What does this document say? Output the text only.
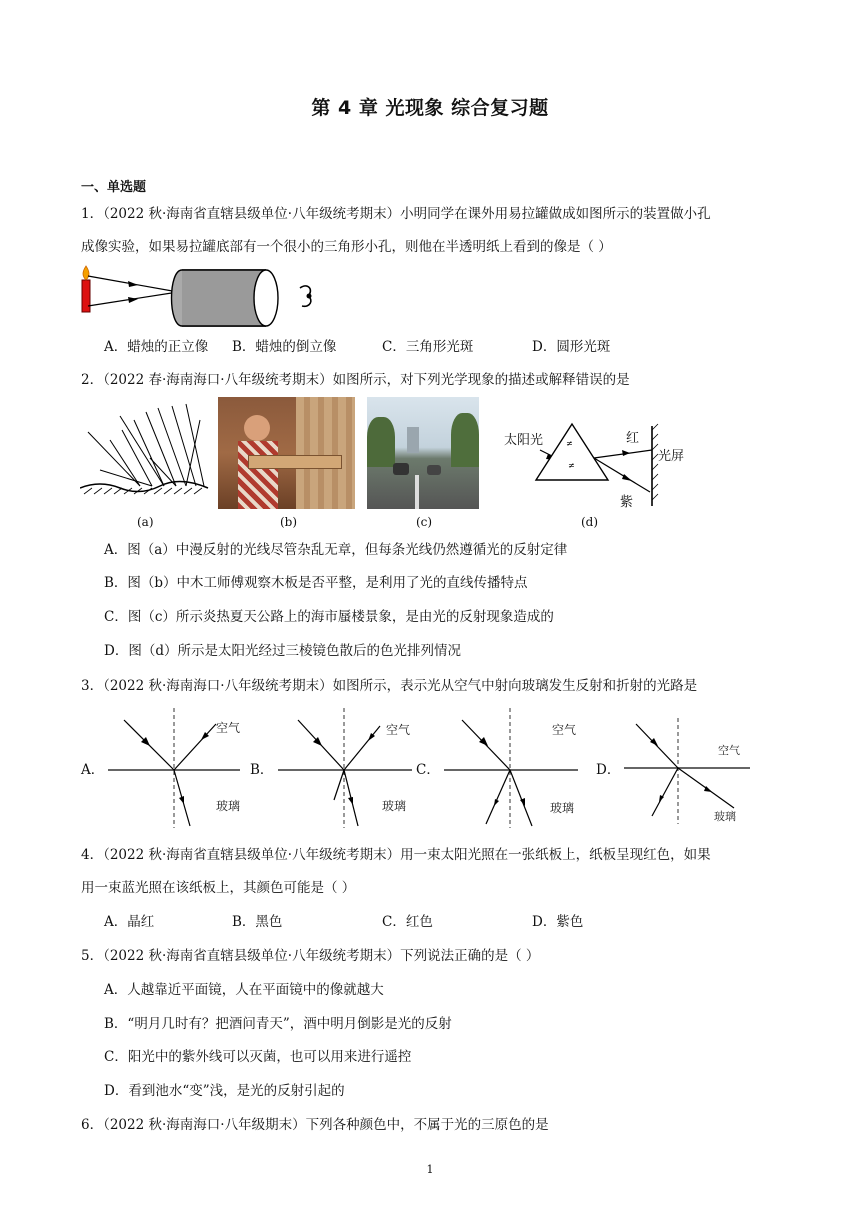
第 4 章 光现象 综合复习题
一、单选题
1．（2022 秋·海南省直辖县级单位·八年级统考期末）小明同学在课外用易拉罐做成如图所示的装置做小孔
成像实验，如果易拉罐底部有一个很小的三角形小孔，则他在半透明纸上看到的像是（ ）
A．蜡烛的正立像 B．蜡烛的倒立像	C．三角形光斑	D．圆形光斑
2．（2022 春·海南海口·八年级统考期末）如图所示，对下列光学现象的描述或解释错误的是
太阳光	≠
≠
红
紫
光屏
(a)	(b)	(c)	(d)
A．图（a）中漫反射的光线尽管杂乱无章，但每条光线仍然遵循光的反射定律
B．图（b）中木工师傅观察木板是否平整，是利用了光的直线传播特点
C．图（c）所示炎热夏天公路上的海市蜃楼景象，是由光的反射现象造成的
D．图（d）所示是太阳光经过三棱镜色散后的色光排列情况
3．（2022 秋·海南海口·八年级统考期末）如图所示，表示光从空气中射向玻璃发生反射和折射的光路是
A．	B．	C．	D．
空气
玻璃
空气
玻璃
空气
玻璃
空气
玻璃
4．（2022 秋·海南省直辖县级单位·八年级统考期末）用一束太阳光照在一张纸板上，纸板呈现红色，如果
用一束蓝光照在该纸板上，其颜色可能是（ ）
A．晶红	B．黑色	C．红色	D．紫色
5．（2022 秋·海南省直辖县级单位·八年级统考期末）下列说法正确的是（ ）
A．人越靠近平面镜，人在平面镜中的像就越大
B．“明月几时有？把酒问青天”，酒中明月倒影是光的反射
C．阳光中的紫外线可以灭菌，也可以用来进行遥控
D．看到池水“变”浅，是光的反射引起的
6．（2022 秋·海南海口·八年级期末）下列各种颜色中，不属于光的三原色的是
1
